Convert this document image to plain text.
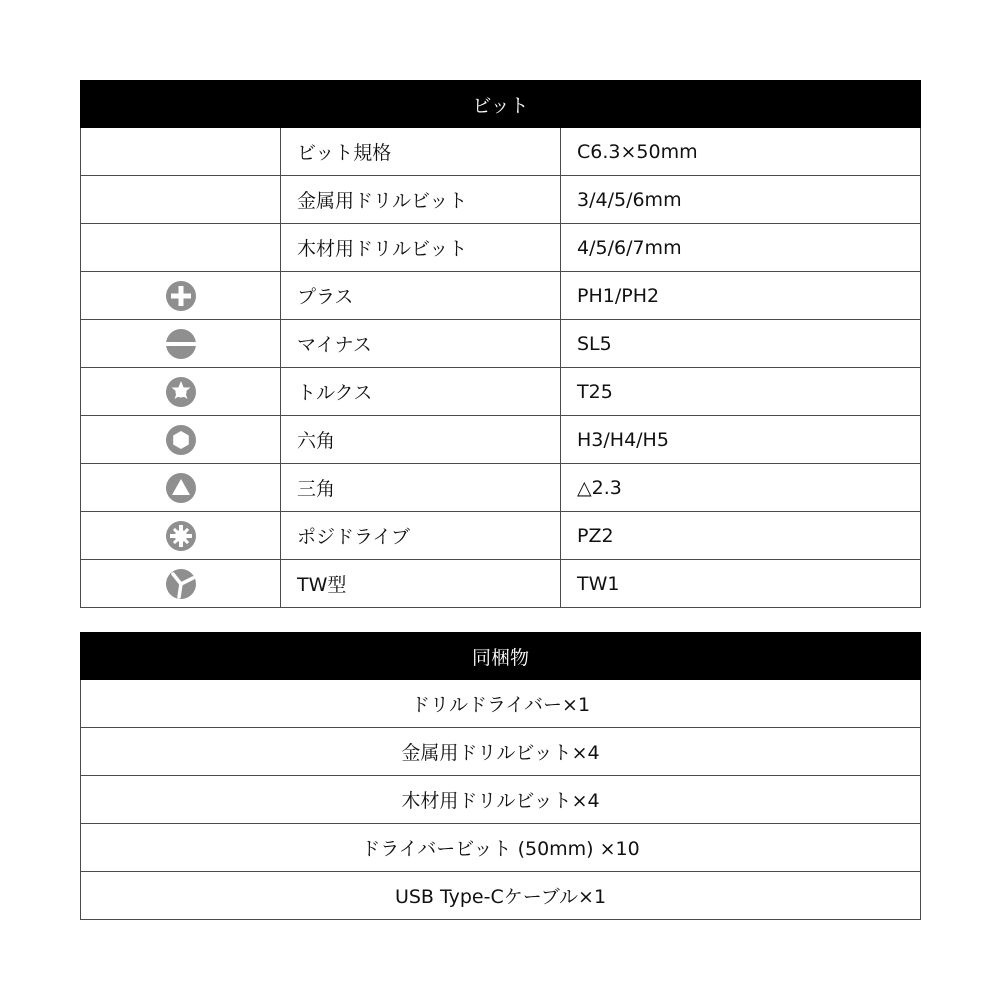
ビット
ビット規格	C6.3×50mm
金属用ドリルビット	3/4/5/6mm
木材用ドリルビット	4/5/6/7mm
プラス	PH1/PH2
マイナス	SL5
トルクス	T25
六角	H3/H4/H5
三角	△2.3
ポジドライブ	PZ2
TW型	TW1
同梱物
ドリルドライバー×1
金属用ドリルビット×4
木材用ドリルビット×4
ドライバービット (50mm) ×10
USB Type-Cケーブル×1
